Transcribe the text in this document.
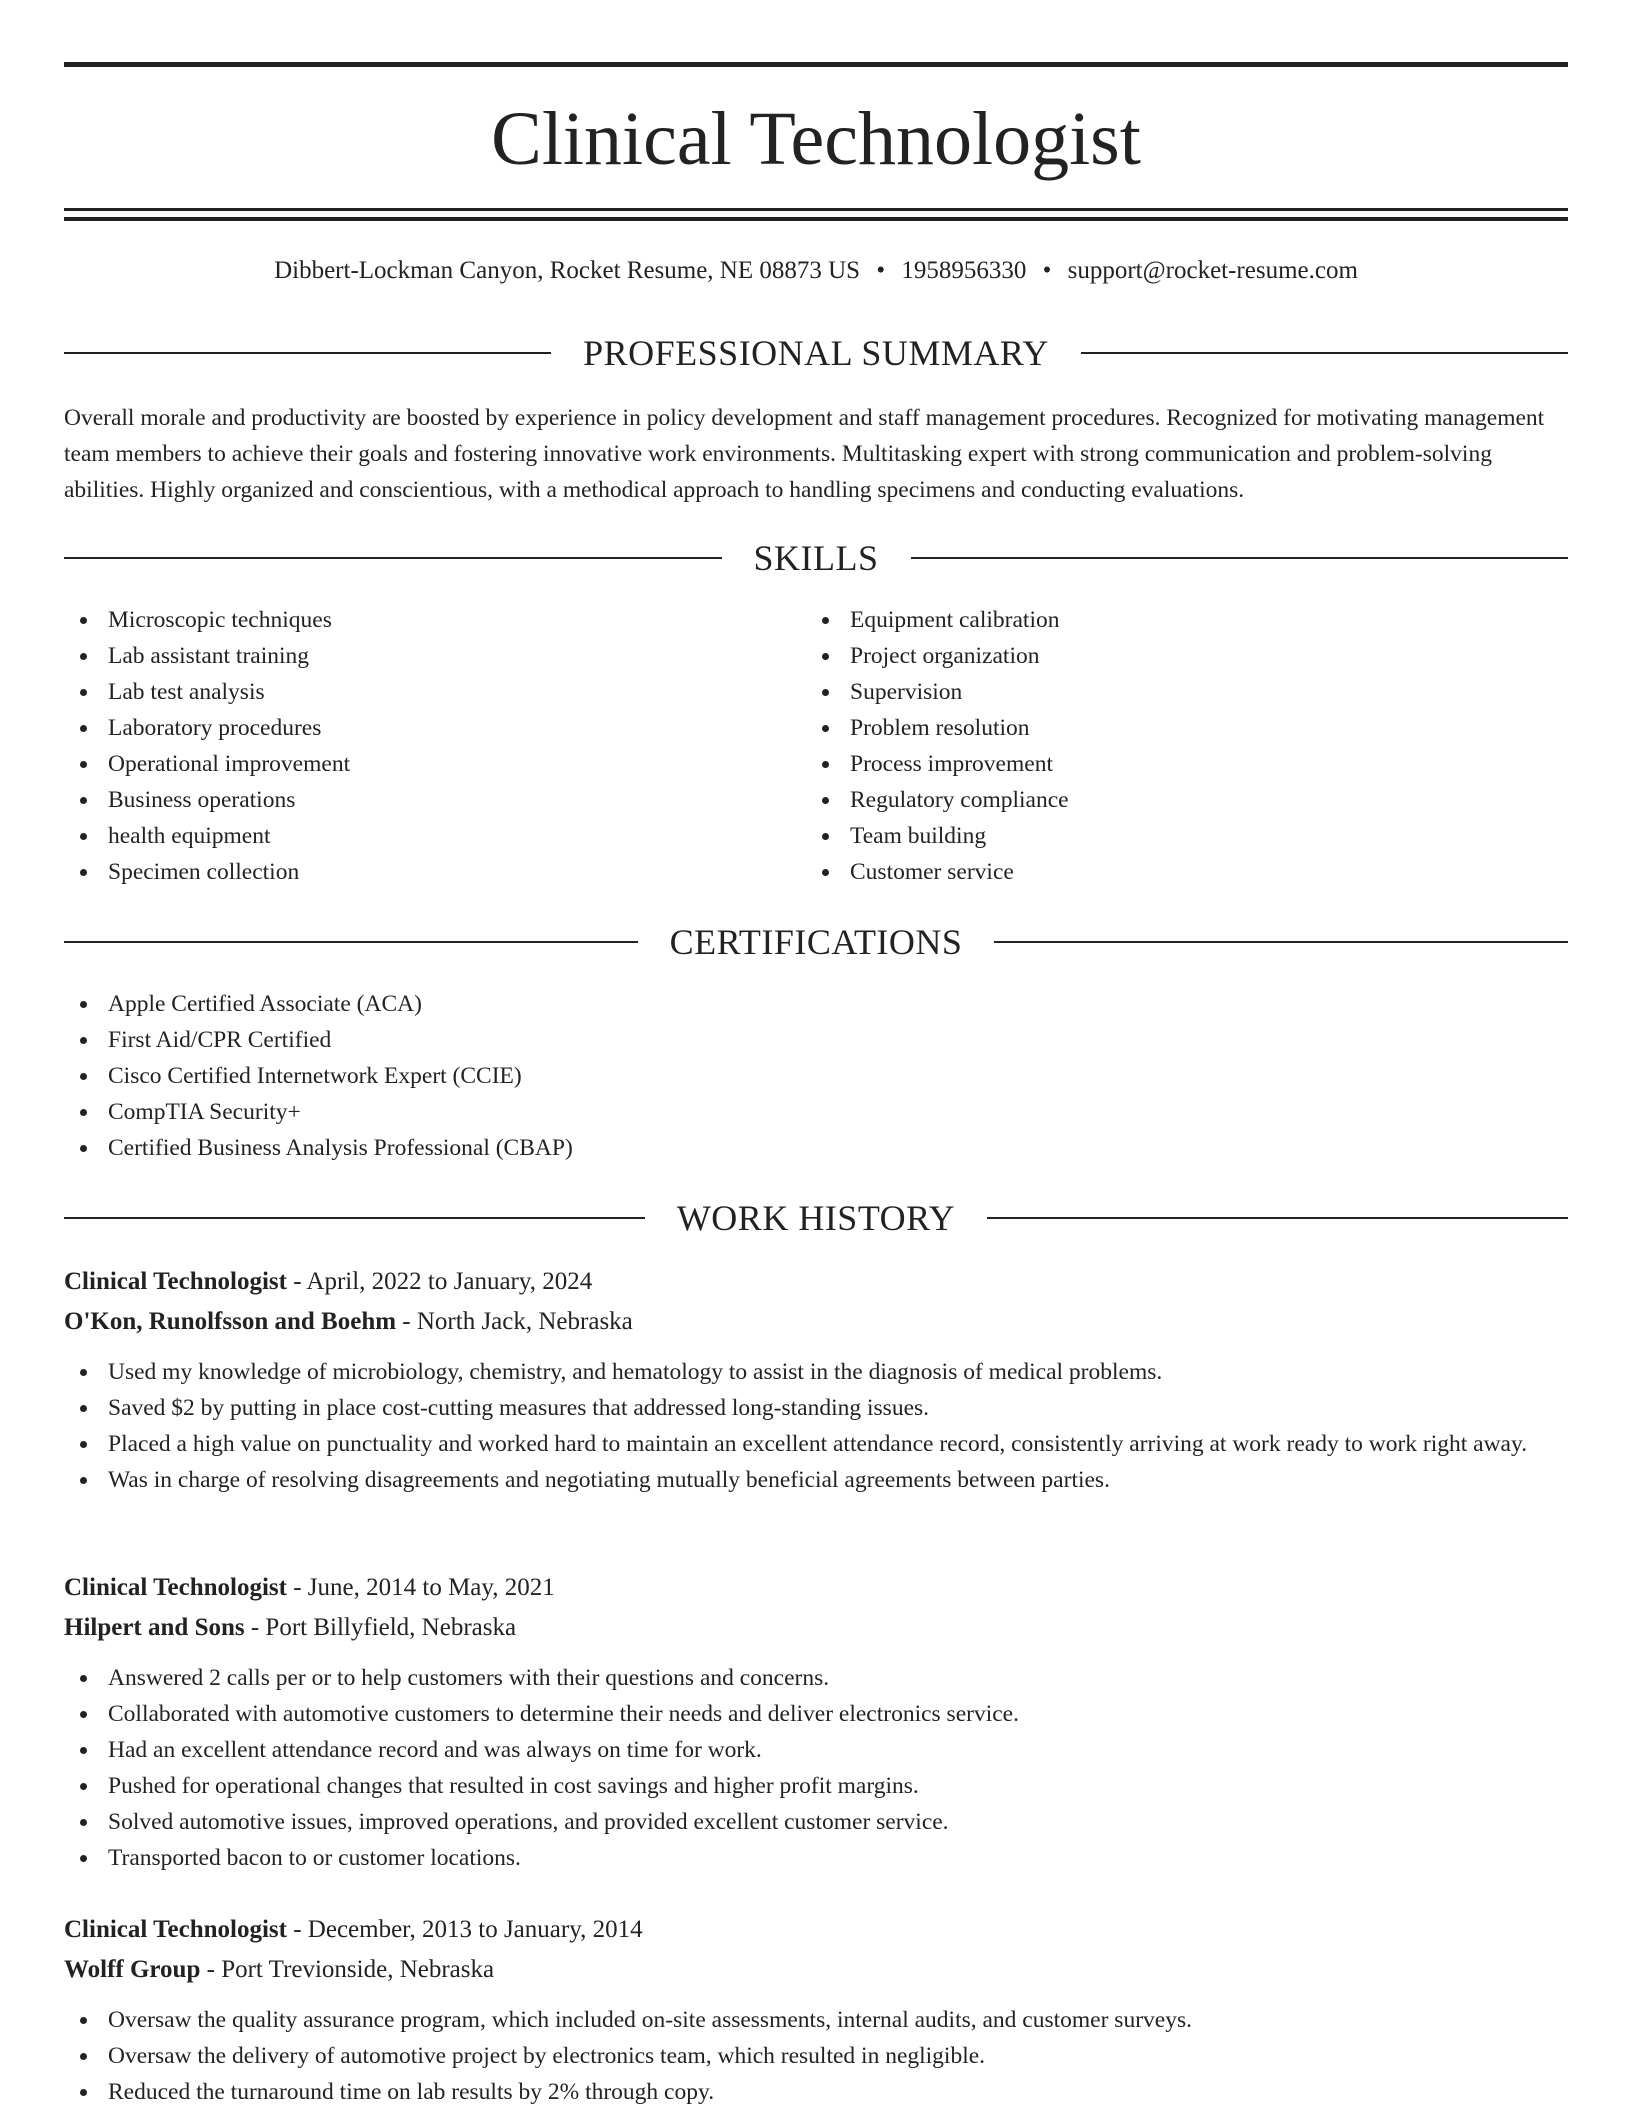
Clinical Technologist
Dibbert-Lockman Canyon, Rocket Resume, NE 08873 US • 1958956330 • support@rocket-resume.com
PROFESSIONAL SUMMARY

Overall morale and productivity are boosted by experience in policy development and staff management procedures. Recognized for motivating management team members to achieve their goals and fostering innovative work environments. Multitasking expert with strong communication and problem-solving abilities. Highly organized and conscientious, with a methodical approach to handling specimens and conducting evaluations.

SKILLS
Microscopic techniques
Lab assistant training
Lab test analysis
Laboratory procedures
Operational improvement
Business operations
health equipment
Specimen collection
Equipment calibration
Project organization
Supervision
Problem resolution
Process improvement
Regulatory compliance
Team building
Customer service
CERTIFICATIONS
Apple Certified Associate (ACA)
First Aid/CPR Certified
Cisco Certified Internetwork Expert (CCIE)
CompTIA Security+
Certified Business Analysis Professional (CBAP)
WORK HISTORY
Clinical Technologist - April, 2022 to January, 2024
O'Kon, Runolfsson and Boehm - North Jack, Nebraska
Used my knowledge of microbiology, chemistry, and hematology to assist in the diagnosis of medical problems.
Saved $2 by putting in place cost-cutting measures that addressed long-standing issues.
Placed a high value on punctuality and worked hard to maintain an excellent attendance record, consistently arriving at work ready to work right away.
Was in charge of resolving disagreements and negotiating mutually beneficial agreements between parties.
Clinical Technologist - June, 2014 to May, 2021
Hilpert and Sons - Port Billyfield, Nebraska
Answered 2 calls per or to help customers with their questions and concerns.
Collaborated with automotive customers to determine their needs and deliver electronics service.
Had an excellent attendance record and was always on time for work.
Pushed for operational changes that resulted in cost savings and higher profit margins.
Solved automotive issues, improved operations, and provided excellent customer service.
Transported bacon to or customer locations.
Clinical Technologist - December, 2013 to January, 2014
Wolff Group - Port Trevionside, Nebraska
Oversaw the quality assurance program, which included on-site assessments, internal audits, and customer surveys.
Oversaw the delivery of automotive project by electronics team, which resulted in negligible.
Reduced the turnaround time on lab results by 2% through copy.
